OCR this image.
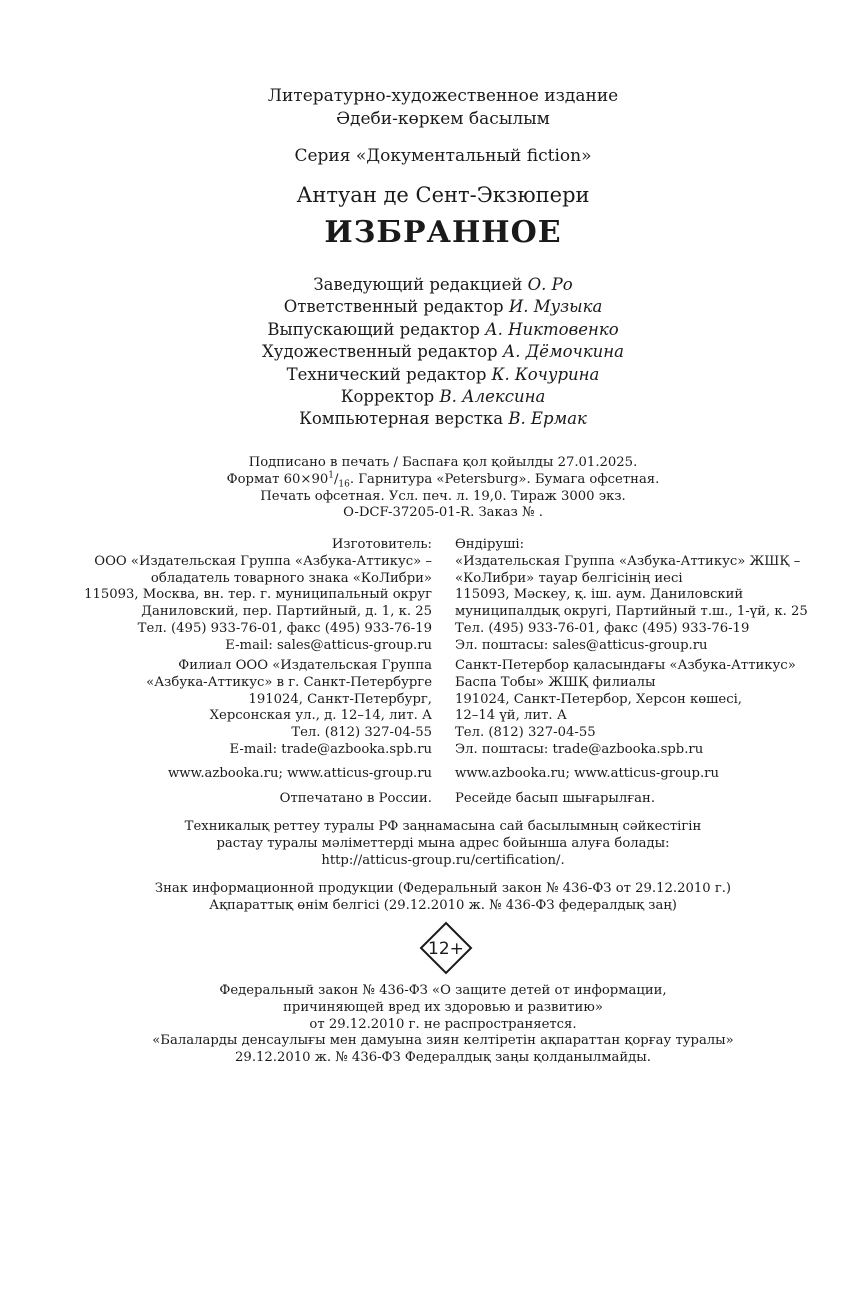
Литературно-художественное издание
Әдеби-көркем басылым
Серия «Документальный fiction»
Антуан де Сент-Экзюпери
ИЗБРАННОЕ
Заведующий редакцией О. Ро
Ответственный редактор И. Музыка
Выпускающий редактор А. Никтовенко
Художественный редактор А. Дёмочкина
Технический редактор К. Кочурина
Корректор В. Алексина
Компьютерная верстка В. Ермак
Подписано в печать / Баспаға қол қойылды 27.01.2025.
Формат $60\times 90^1/_{16}$. Гарнитура «Petersburg». Бумага офсетная.
Печать офсетная. Усл. печ. л. 19,0. Тираж 3000 экз.
O-DCF-37205-01-R. Заказ № .
Изготовитель:
ООО «Издательская Группа «Азбука-Аттикус» –
обладатель товарного знака «КоЛибри»
115093, Москва, вн. тер. г. муниципальный округ
Даниловский, пер. Партийный, д. 1, к. 25
Тел. (495) 933-76-01, факс (495) 933-76-19
E-mail: sales@atticus-group.ru
Өндіруші:
«Издательская Группа «Азбука-Аттикус» ЖШҚ –
«КоЛибри» тауар белгісінің иесі
115093, Мәскеу, қ. іш. аум. Даниловский
муниципалдық округі, Партийный т.ш., 1-үй, к. 25
Тел. (495) 933-76-01, факс (495) 933-76-19
Эл. поштасы: sales@atticus-group.ru
Филиал ООО «Издательская Группа
«Азбука-Аттикус» в г. Санкт-Петербурге
191024, Санкт-Петербург,
Херсонская ул., д. 12–14, лит. А
Тел. (812) 327-04-55
E-mail: trade@azbooka.spb.ru
Санкт-Петербор қаласындағы «Азбука-Аттикус»
Баспа Тобы» ЖШҚ филиалы
191024, Санкт-Петербор, Херсон көшесі,
12–14 үй, лит. А
Тел. (812) 327-04-55
Эл. поштасы: trade@azbooka.spb.ru
www.azbooka.ru; www.atticus-group.ru www.azbooka.ru; www.atticus-group.ru
Отпечатано в России. Ресейде басып шығарылған.
Техникалық реттеу туралы РФ заңнамасына сай басылымның сәйкестігін
растау туралы мәліметтерді мына адрес бойынша алуға болады:
http://atticus-group.ru/certification/.
Знак информационной продукции (Федеральный закон № 436-ФЗ от 29.12.2010 г.)
Ақпараттық өнім белгісі (29.12.2010 ж. № 436-ФЗ федералдық заң)
12+
Федеральный закон № 436-ФЗ «О защите детей от информации,
причиняющей вред их здоровью и развитию»
от 29.12.2010 г. не распространяется.
«Балаларды денсаулығы мен дамуына зиян келтіретін ақпараттан қорғау туралы»
29.12.2010 ж. № 436-ФЗ Федералдық заңы қолданылмайды.
